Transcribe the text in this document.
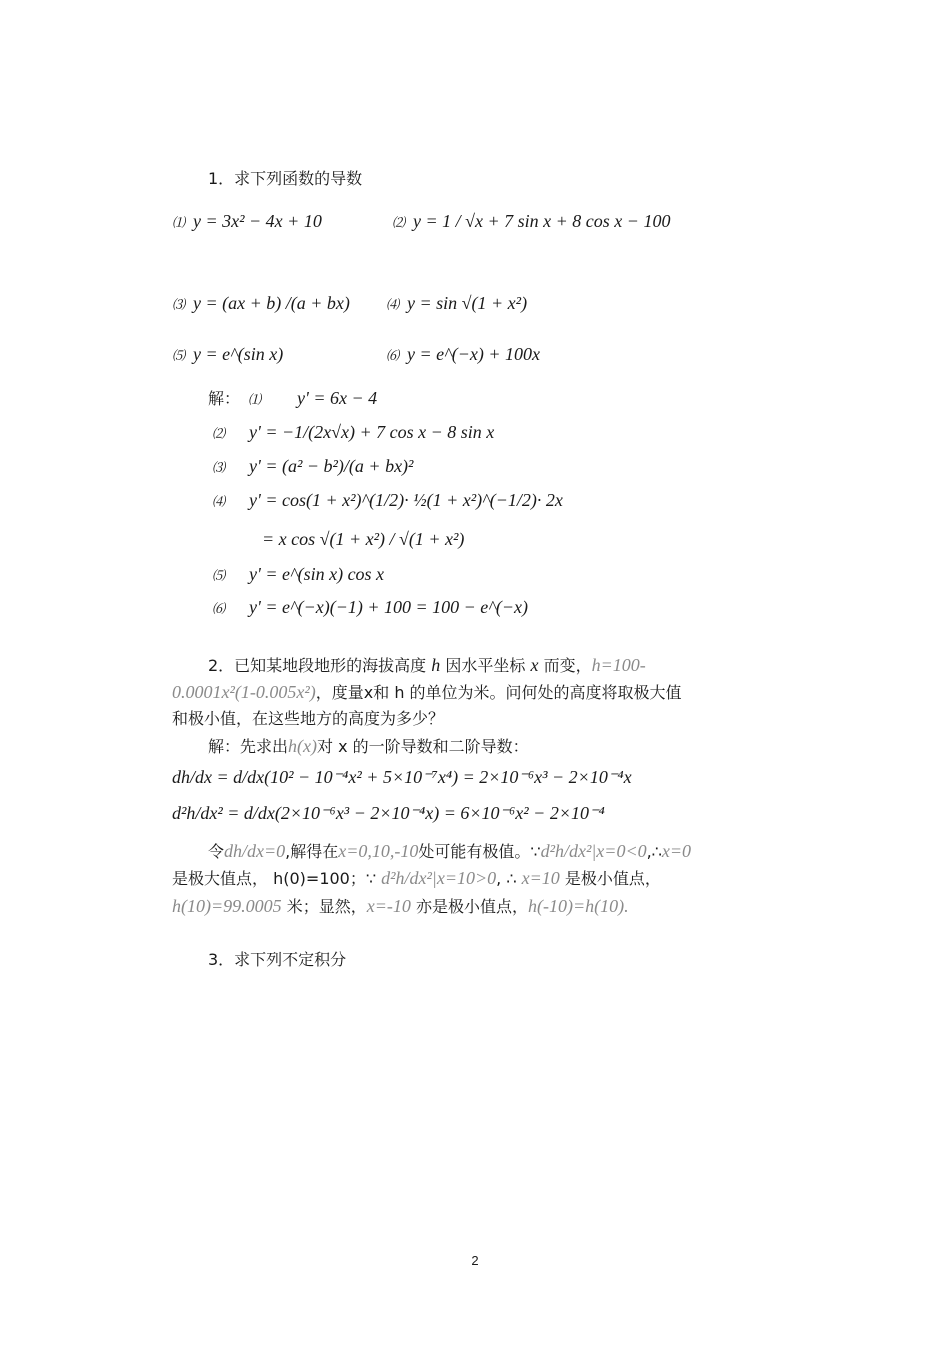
1．求下列函数的导数
⑴ y = 3x² − 4x + 10	⑵ y = 1 / √x + 7 sin x + 8 cos x − 100
⑶ y = (ax + b) /(a + bx)	⑷ y = sin √(1 + x²)
⑸ y = e^(sin x)	⑹ y = e^(−x) + 100x
解： ⑴ y' = 6x − 4
⑵ y' = −1/(2x√x) + 7 cos x − 8 sin x
⑶ y' = (a² − b²)/(a + bx)²
⑷ y' = cos(1 + x²)^(1/2)· ½(1 + x²)^(−1/2)· 2x
= x cos √(1 + x²) / √(1 + x²)
⑸ y' = e^(sin x) cos x
⑹ y' = e^(−x)(−1) + 100 = 100 − e^(−x)
2．已知某地段地形的海拔高度 h 因水平坐标 x 而变，h=100-
0.0001x²(1-0.005x²)，度量x和 h 的单位为米。问何处的高度将取极大值
和极小值，在这些地方的高度为多少？
解：先求出h(x)对 x 的一阶导数和二阶导数：
dh/dx = d/dx(10² − 10⁻⁴x² + 5×10⁻⁷x⁴) = 2×10⁻⁶x³ − 2×10⁻⁴x
d²h/dx² = d/dx(2×10⁻⁶x³ − 2×10⁻⁴x) = 6×10⁻⁶x² − 2×10⁻⁴
令dh/dx=0,解得在x=0,10,-10处可能有极值。∵d²h/dx²|x=0<0,∴x=0
是极大值点， h(0)=100；∵ d²h/dx²|x=10>0, ∴ x=10 是极小值点，
h(10)=99.0005 米；显然，x=-10 亦是极小值点，h(-10)=h(10).
3．求下列不定积分
2
